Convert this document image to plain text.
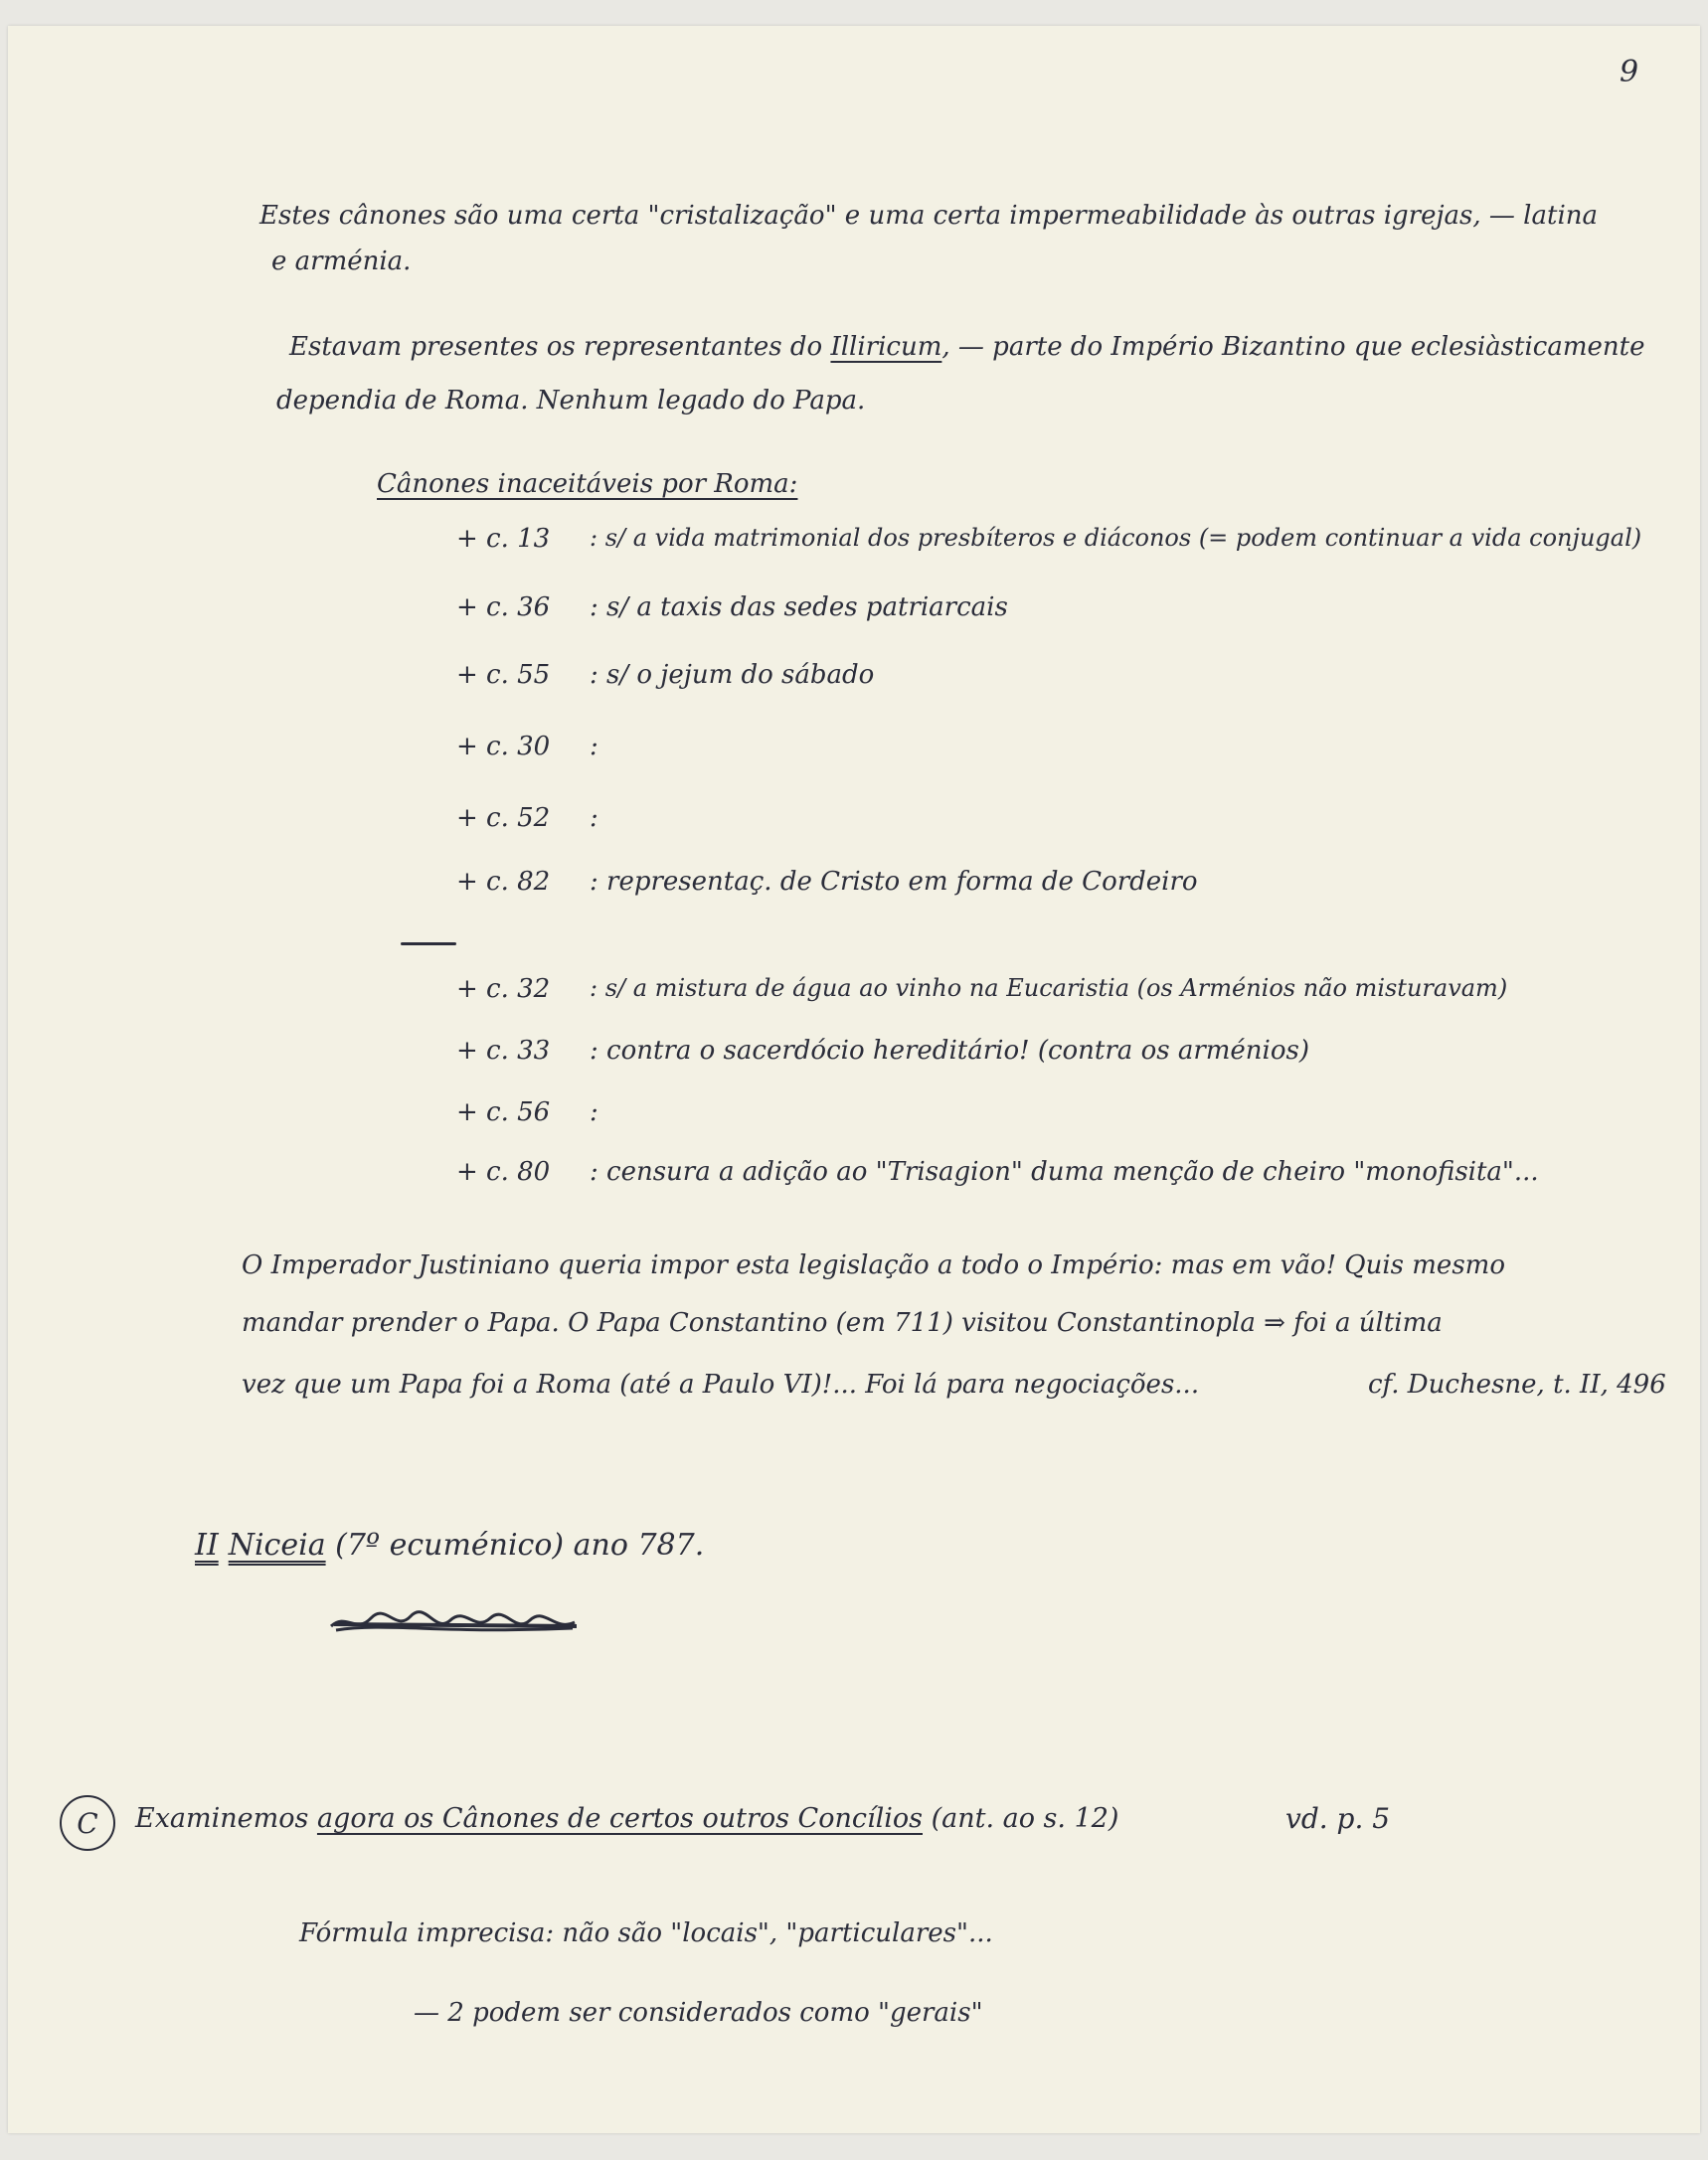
9
Estes cânones são uma certa "cristalização" e uma certa impermeabilidade às outras igrejas, — latina
e arménia.
Estavam presentes os representantes do Illiricum, — parte do Império Bizantino que eclesiàsticamente
dependia de Roma. Nenhum legado do Papa.
Cânones inaceitáveis por Roma:
+ c. 13 : s/ a vida matrimonial dos presbíteros e diáconos (= podem continuar a vida conjugal)
+ c. 36 : s/ a taxis das sedes patriarcais
+ c. 55 : s/ o jejum do sábado
+ c. 30 :
+ c. 52 :
+ c. 82 : representaç. de Cristo em forma de Cordeiro
+ c. 32 : s/ a mistura de água ao vinho na Eucaristia (os Arménios não misturavam)
+ c. 33 : contra o sacerdócio hereditário! (contra os arménios)
+ c. 56 :
+ c. 80 : censura a adição ao "Trisagion" duma menção de cheiro "monofisita"...
O Imperador Justiniano queria impor esta legislação a todo o Império: mas em vão! Quis mesmo
mandar prender o Papa. O Papa Constantino (em 711) visitou Constantinopla ⇒ foi a última
vez que um Papa foi a Roma (até a Paulo VI)!... Foi lá para negociações...	cf. Duchesne, t. II, 496
II Niceia (7º ecuménico) ano 787.
C	Examinemos agora os Cânones de certos outros Concílios (ant. ao s. 12)	vd. p. 5
Fórmula imprecisa: não são "locais", "particulares"...
— 2 podem ser considerados como "gerais"
